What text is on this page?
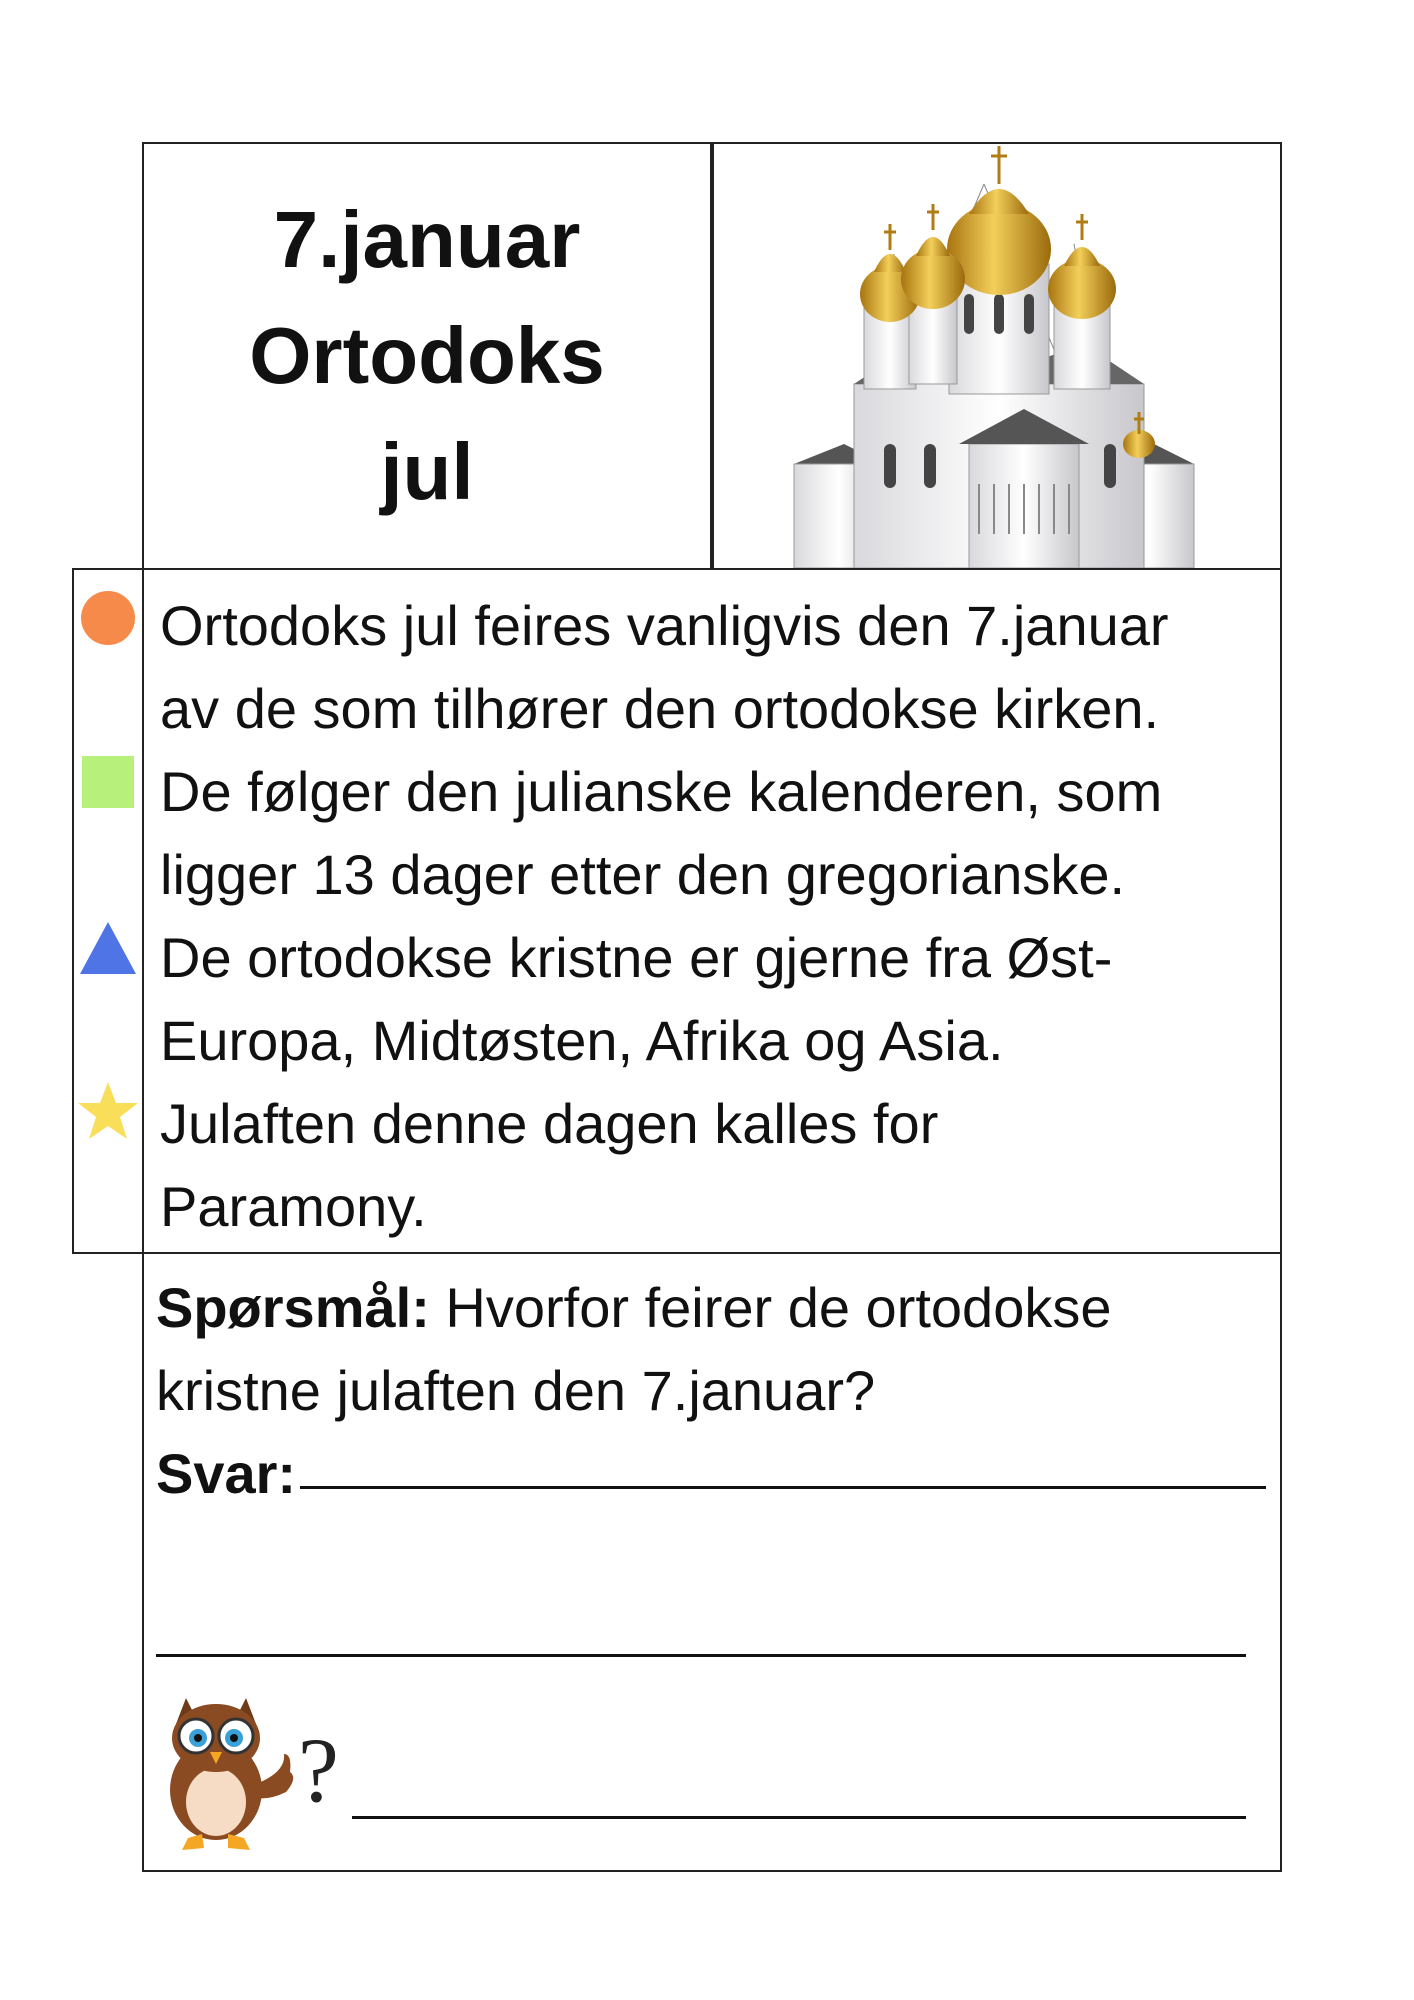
7.januar
Ortodoks
jul
Ortodoks jul feires vanligvis den 7.januar
av de som tilhører den ortodokse kirken.
De følger den julianske kalenderen, som
ligger 13 dager etter den gregorianske.
De ortodokse kristne er gjerne fra Øst-
Europa, Midtøsten, Afrika og Asia.
Julaften denne dagen kalles for
Paramony.
Spørsmål: Hvorfor feirer de ortodokse
kristne julaften den 7.januar?
Svar:
?
